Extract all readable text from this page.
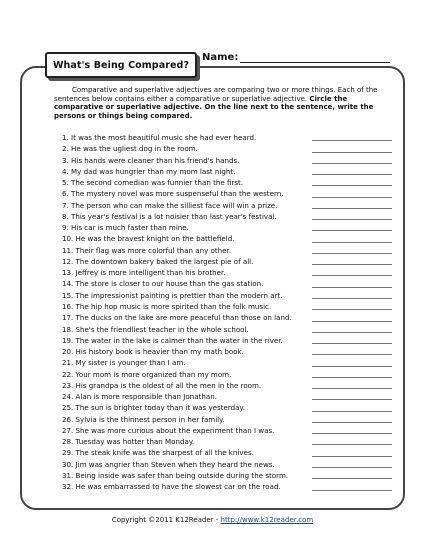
What's Being Compared?
Name:
Comparative and superlative adjectives are comparing two or more things. Each of the sentences below contains either a comparative or superlative adjective. Circle the comparative or superlative adjective. On the line next to the sentence, write the persons or things being compared.
1. It was the most beautiful music she had ever heard.
2. He was the ugliest dog in the room.
3. His hands were cleaner than his friend's hands.
4. My dad was hungrier than my mom last night.
5. The second comedian was funnier than the first.
6. The mystery novel was more suspenseful than the western.
7. The person who can make the silliest face will win a prize.
8. This year's festival is a lot noisier than last year's festival.
9. His car is much faster than mine.
10. He was the bravest knight on the battlefield.
11. Their flag was more colorful than any other.
12. The downtown bakery baked the largest pie of all.
13. Jeffrey is more intelligent than his brother.
14. The store is closer to our house than the gas station.
15. The impressionist painting is prettier than the modern art.
16. The hip hop music is more spirited than the folk music.
17. The ducks on the lake are more peaceful than those on land.
18. She's the friendliest teacher in the whole school.
19. The water in the lake is calmer than the water in the river.
20. His history book is heavier than my math book.
21. My sister is younger than I am.
22. Your mom is more organized than my mom.
23. His grandpa is the oldest of all the men in the room.
24. Alan is more responsible than Jonathan.
25. The sun is brighter today than it was yesterday.
26. Sylvia is the thinnest person in her family.
27. She was more curious about the experiment than I was.
28. Tuesday was hotter than Monday.
29. The steak knife was the sharpest of all the knives.
30. Jim was angrier than Steven when they heard the news.
31. Being inside was safer than being outside during the storm.
32. He was embarrassed to have the slowest car on the road.
Copyright ©2011 K12Reader - http://www.k12reader.com
